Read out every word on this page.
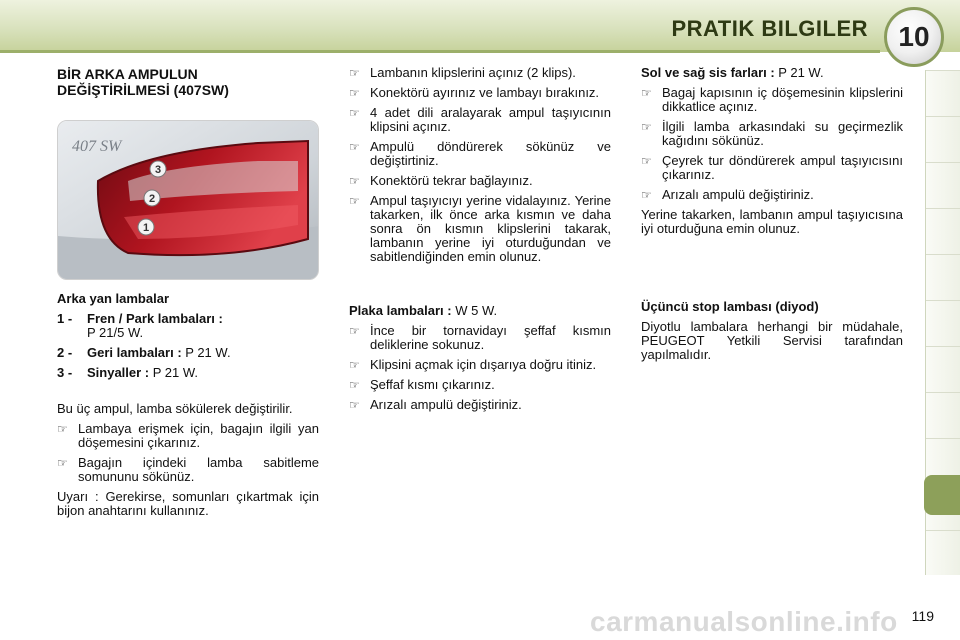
PRATIK BILGILER	10
BİR ARKA AMPULUN
DEĞİŞTİRİLMESİ (407SW)
407 SW
3
2
1
Arka yan lambalar
1 -	Fren / Park lambaları :
P 21/5 W.
2 -	Geri lambaları : P 21 W.
3 -	Sinyaller : P 21 W.

Bu üç ampul, lamba sökülerek değiştirilir.

☞ Lambaya erişmek için, bagajın ilgili yan döşemesini çıkarınız.
☞ Bagajın içindeki lamba sabitleme somununu sökünüz.

Uyarı : Gerekirse, somunları çıkartmak için bijon anahtarını kullanınız.

☞ Lambanın klipslerini açınız (2 klips).
☞ Konektörü ayırınız ve lambayı bırakınız.
☞ 4 adet dili aralayarak ampul taşıyıcının klipsini açınız.
☞ Ampulü döndürerek sökünüz ve değiştirtiniz.
☞ Konektörü tekrar bağlayınız.
☞ Ampul taşıyıcıyı yerine vidalayınız. Yerine takarken, ilk önce arka kısmın ve daha sonra ön kısmın klipslerini takarak, lambanın yerine iyi oturduğundan ve sabitlendiğinden emin olunuz.
Plaka lambaları : W 5 W.
☞ İnce bir tornavidayı şeffaf kısmın deliklerine sokunuz.
☞ Klipsini açmak için dışarıya doğru itiniz.
☞ Şeffaf kısmı çıkarınız.
☞ Arızalı ampulü değiştiriniz.
Sol ve sağ sis farları : P 21 W.
☞ Bagaj kapısının iç döşemesinin klipslerini dikkatlice açınız.
☞ İlgili lamba arkasındaki su geçirmezlik kağıdını sökünüz.
☞ Çeyrek tur döndürerek ampul taşıyıcısını çıkarınız.
☞ Arızalı ampulü değiştiriniz.

Yerine takarken, lambanın ampul taşıyıcısına iyi oturduğuna emin olunuz.

Üçüncü stop lambası (diyod)

Diyotlu lambalara herhangi bir müdahale, PEUGEOT Yetkili Servisi tarafından yapılmalıdır.

carmanualsonline.info	119
